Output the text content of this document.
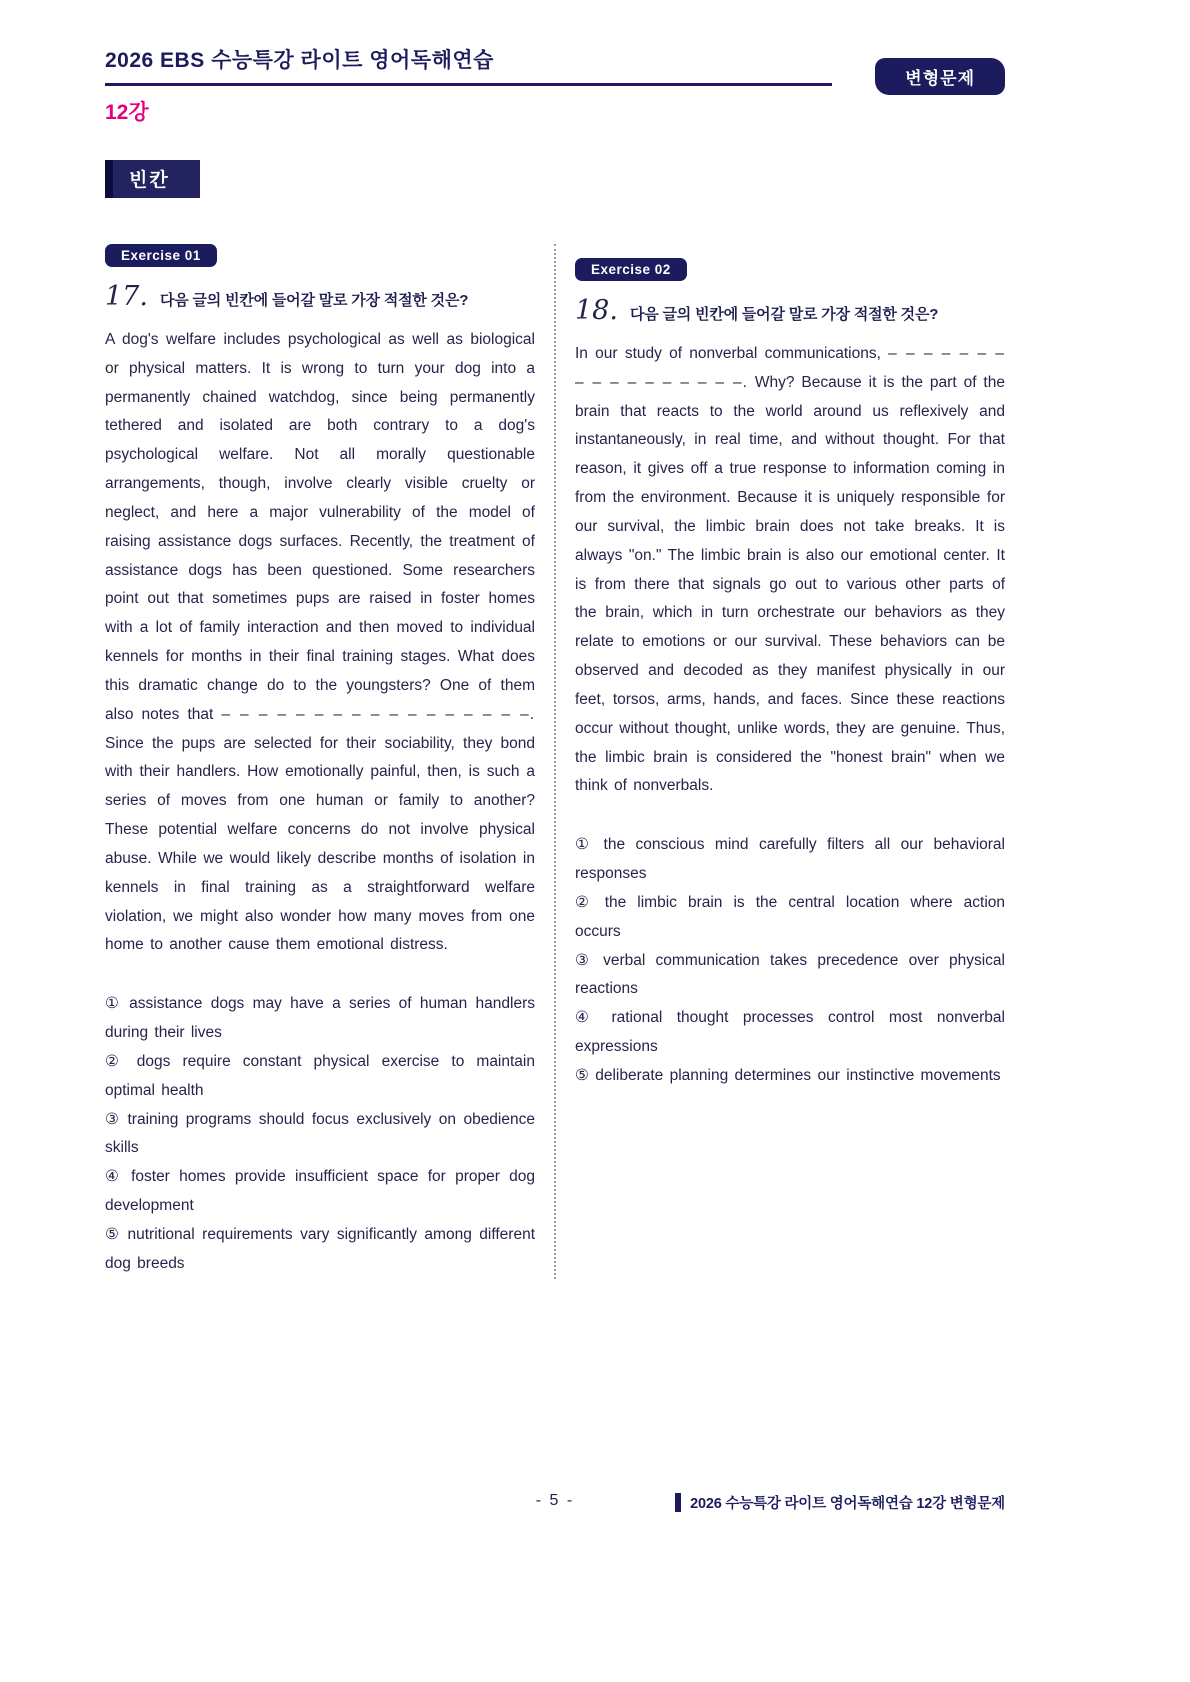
2026 EBS 수능특강 라이트 영어독해연습
변형문제
12강
빈칸
Exercise 01
17. 다음 글의 빈칸에 들어갈 말로 가장 적절한 것은?

A dog's welfare includes psychological as well as biological or physical matters. It is wrong to turn your dog into a permanently chained watchdog, since being permanently tethered and isolated are both contrary to a dog's psychological welfare. Not all morally questionable arrangements, though, involve clearly visible cruelty or neglect, and here a major vulnerability of the model of raising assistance dogs surfaces. Recently, the treatment of assistance dogs has been questioned. Some researchers point out that sometimes pups are raised in foster homes with a lot of family interaction and then moved to individual kennels for months in their final training stages. What does this dramatic change do to the youngsters? One of them also notes that – – – – – – – – – – – – – – – – –. Since the pups are selected for their sociability, they bond with their handlers. How emotionally painful, then, is such a series of moves from one human or family to another? These potential welfare concerns do not involve physical abuse. While we would likely describe months of isolation in kennels in final training as a straightforward welfare violation, we might also wonder how many moves from one home to another cause them emotional distress.

① assistance dogs may have a series of human handlers during their lives

② dogs require constant physical exercise to maintain optimal health

③ training programs should focus exclusively on obedience skills

④ foster homes provide insufficient space for proper dog development

⑤ nutritional requirements vary significantly among different dog breeds

Exercise 02
18. 다음 글의 빈칸에 들어갈 말로 가장 적절한 것은?

In our study of nonverbal communications, – – – – – – – – – – – – – – – – –. Why? Because it is the part of the brain that reacts to the world around us reflexively and instantaneously, in real time, and without thought. For that reason, it gives off a true response to information coming in from the environment. Because it is uniquely responsible for our survival, the limbic brain does not take breaks. It is always "on." The limbic brain is also our emotional center. It is from there that signals go out to various other parts of the brain, which in turn orchestrate our behaviors as they relate to emotions or our survival. These behaviors can be observed and decoded as they manifest physically in our feet, torsos, arms, hands, and faces. Since these reactions occur without thought, unlike words, they are genuine. Thus, the limbic brain is considered the "honest brain" when we think of nonverbals.

① the conscious mind carefully filters all our behavioral responses

② the limbic brain is the central location where action occurs

③ verbal communication takes precedence over physical reactions

④ rational thought processes control most nonverbal expressions

⑤ deliberate planning determines our instinctive movements

- 5 -	2026 수능특강 라이트 영어독해연습 12강 변형문제
